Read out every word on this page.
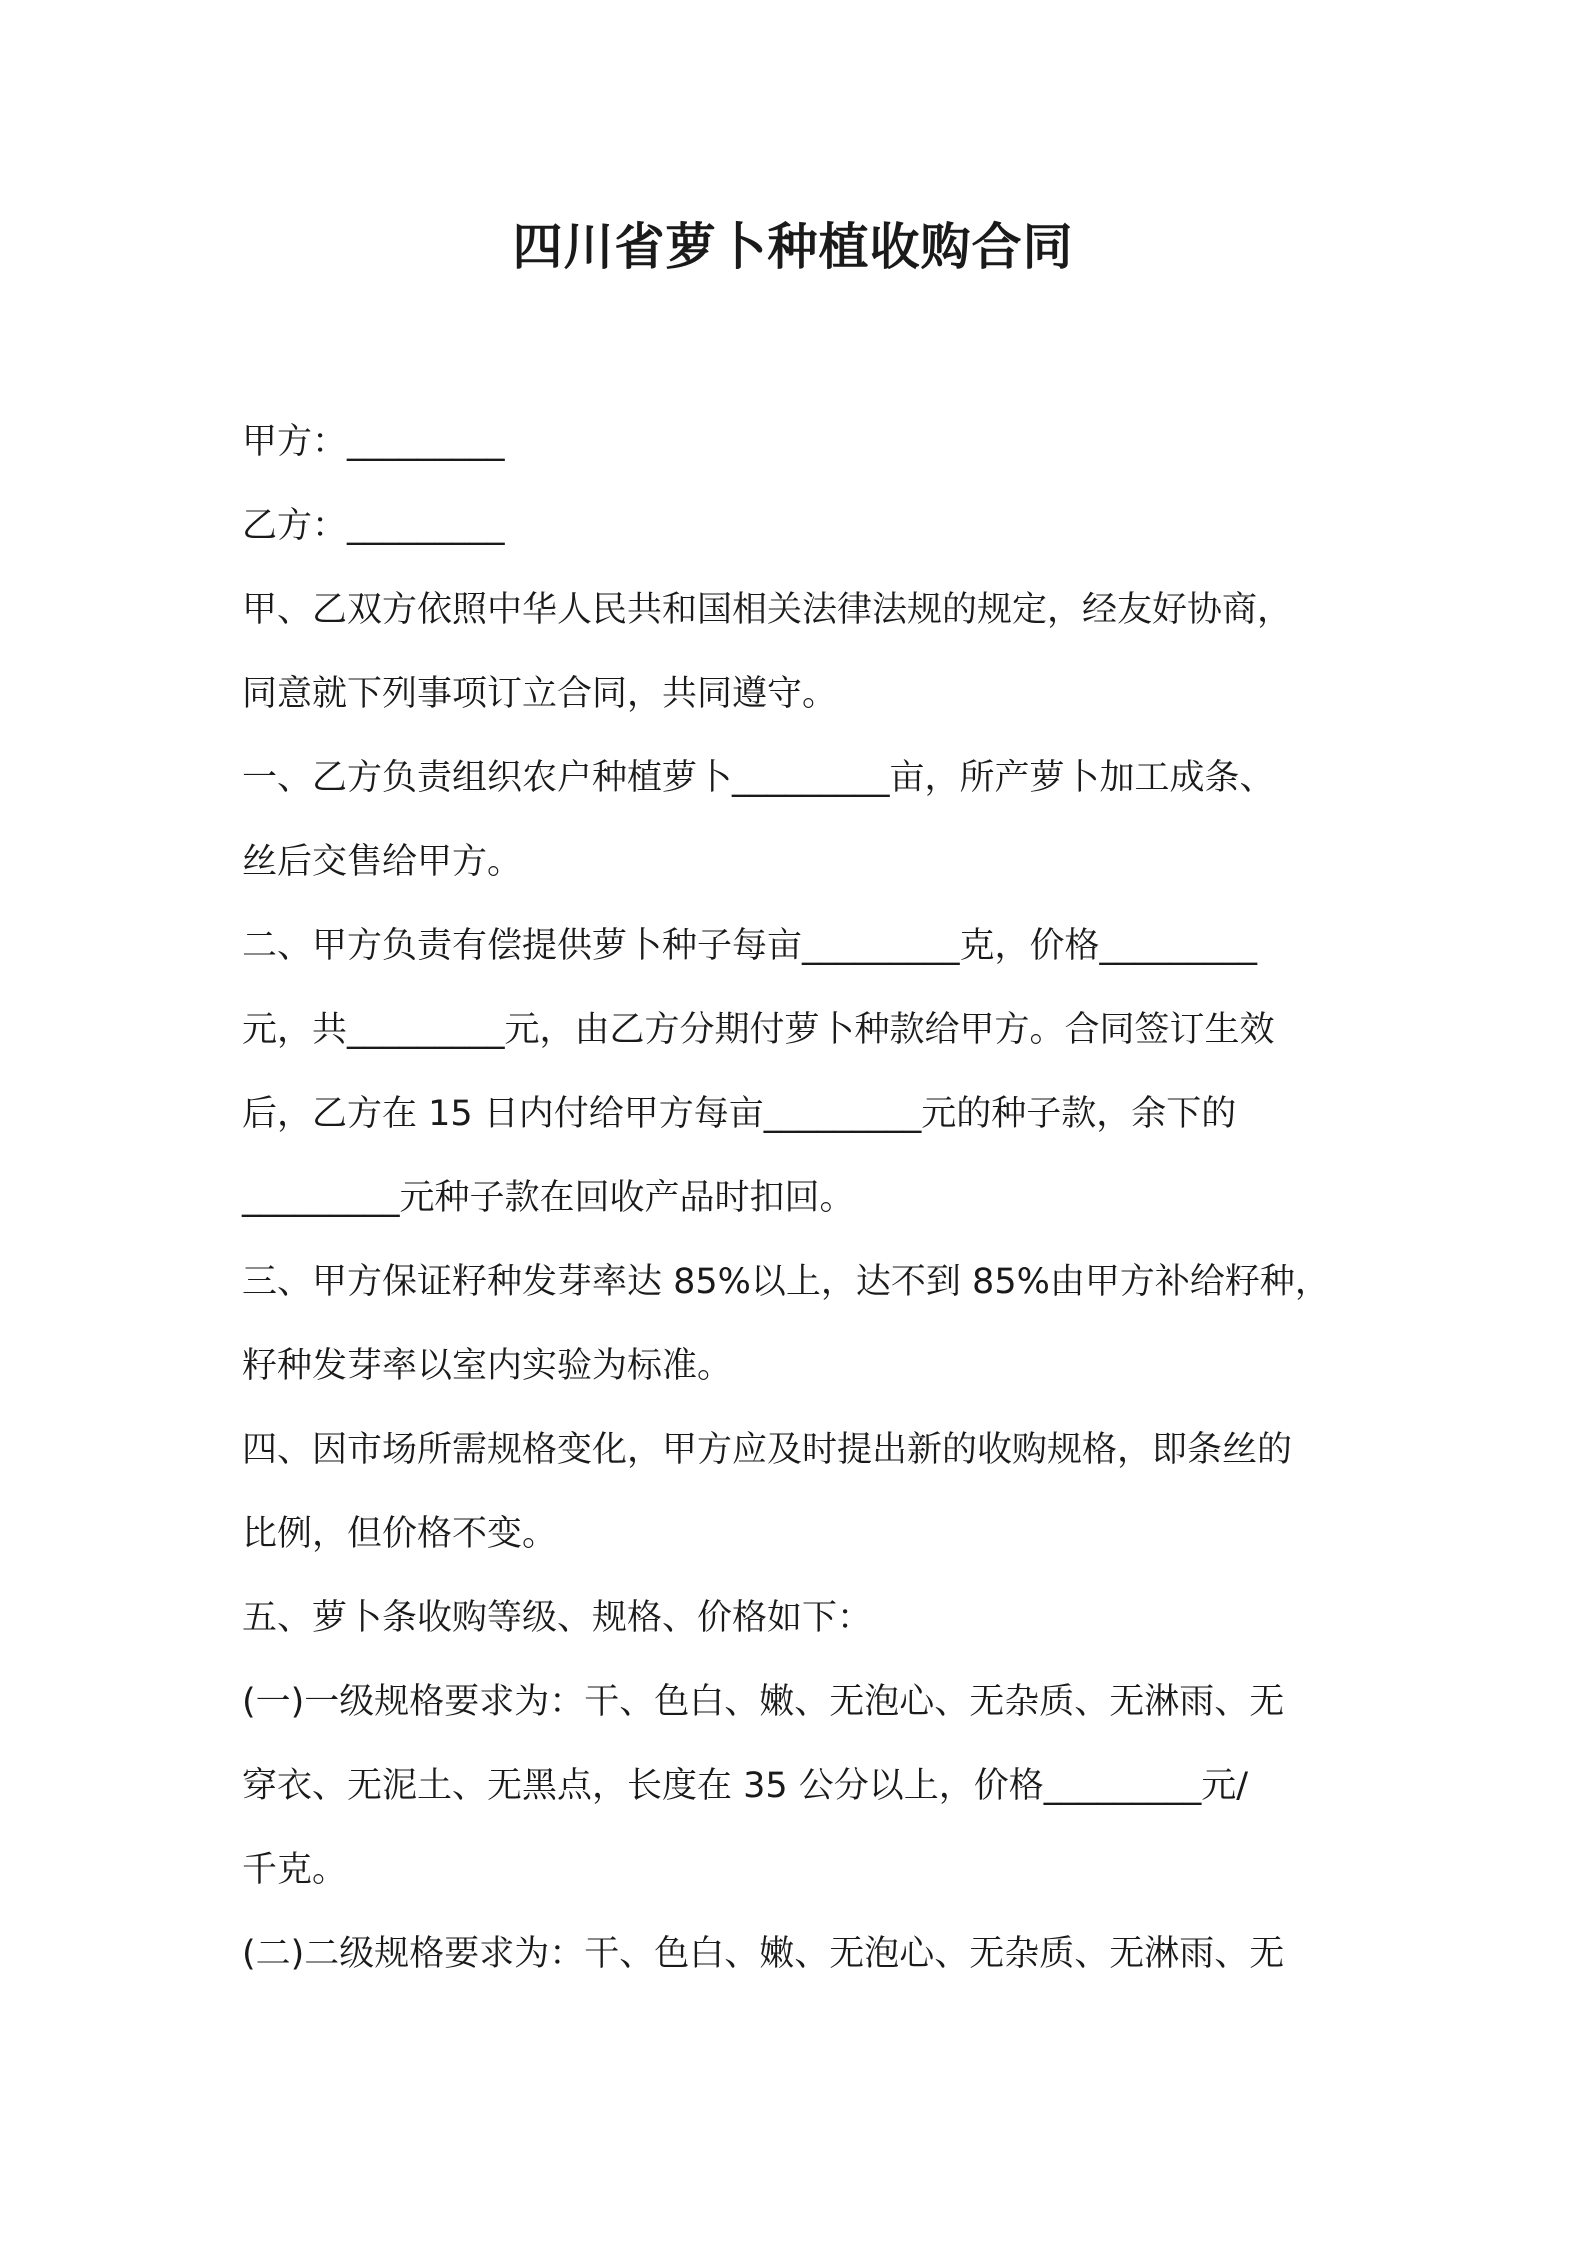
四川省萝卜种植收购合同
甲方：_________
乙方：_________
甲、乙双方依照中华人民共和国相关法律法规的规定，经友好协商，
同意就下列事项订立合同，共同遵守。
一、乙方负责组织农户种植萝卜_________亩，所产萝卜加工成条、
丝后交售给甲方。
二、甲方负责有偿提供萝卜种子每亩_________克，价格_________
元，共_________元，由乙方分期付萝卜种款给甲方。合同签订生效
后，乙方在 15 日内付给甲方每亩_________元的种子款，余下的
_________元种子款在回收产品时扣回。
三、甲方保证籽种发芽率达 85%以上，达不到 85%由甲方补给籽种，
籽种发芽率以室内实验为标准。
四、因市场所需规格变化，甲方应及时提出新的收购规格，即条丝的
比例，但价格不变。
五、萝卜条收购等级、规格、价格如下：
(一)一级规格要求为：干、色白、嫩、无泡心、无杂质、无淋雨、无
穿衣、无泥土、无黑点，长度在 35 公分以上，价格_________元/
千克。
(二)二级规格要求为：干、色白、嫩、无泡心、无杂质、无淋雨、无
